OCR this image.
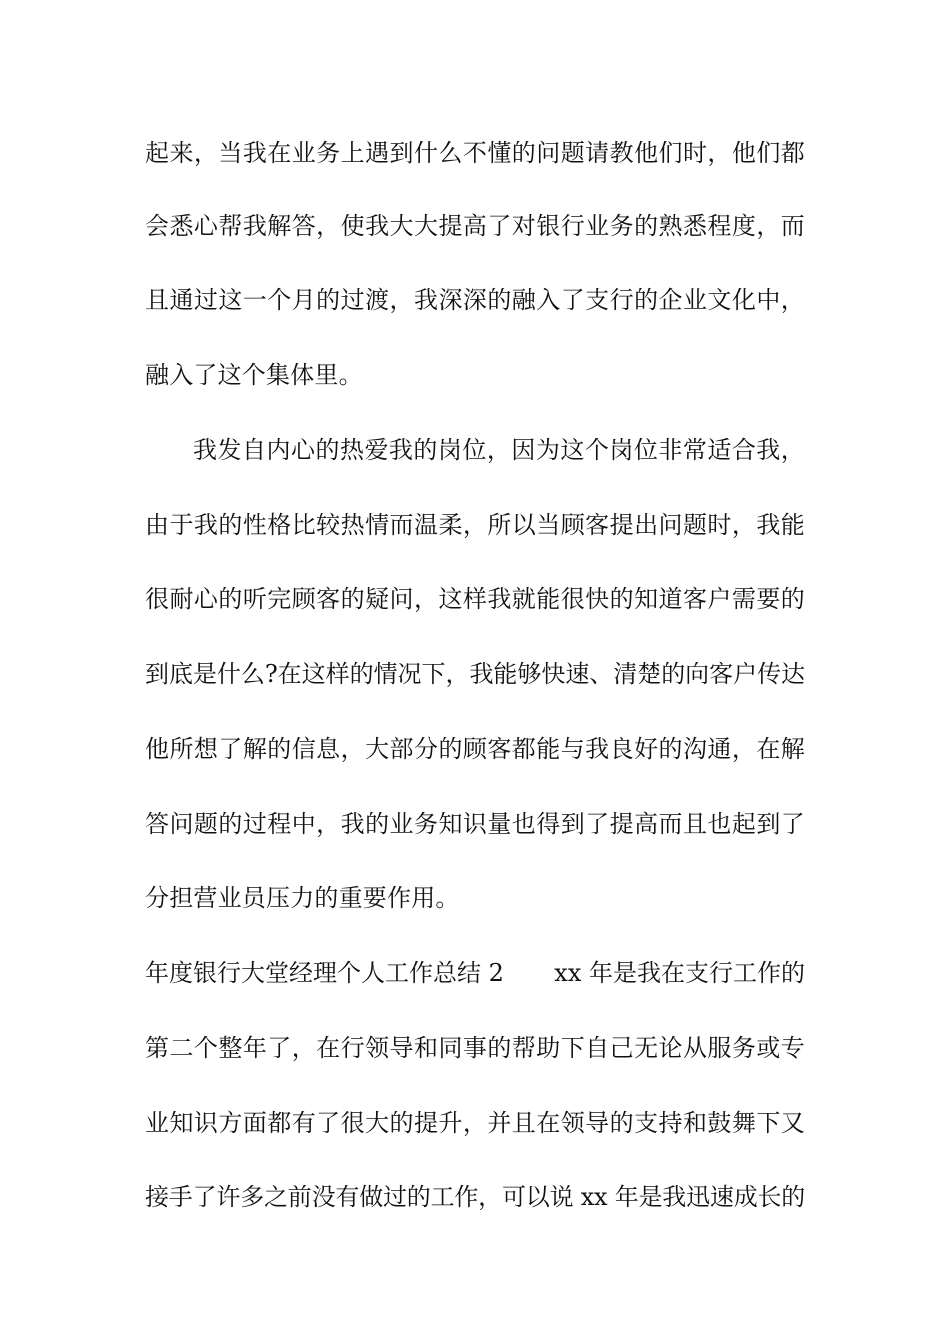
起来，当我在业务上遇到什么不懂的问题请教他们时，他们都
会悉心帮我解答，使我大大提高了对银行业务的熟悉程度，而
且通过这一个月的过渡，我深深的融入了支行的企业文化中，
融入了这个集体里。
我发自内心的热爱我的岗位，因为这个岗位非常适合我，
由于我的性格比较热情而温柔，所以当顾客提出问题时，我能
很耐心的听完顾客的疑问，这样我就能很快的知道客户需要的
到底是什么?在这样的情况下，我能够快速、清楚的向客户传达
他所想了解的信息，大部分的顾客都能与我良好的沟通，在解
答问题的过程中，我的业务知识量也得到了提高而且也起到了
分担营业员压力的重要作用。
年度银行大堂经理个人工作总结 2 xx 年是我在支行工作的
第二个整年了，在行领导和同事的帮助下自己无论从服务或专
业知识方面都有了很大的提升，并且在领导的支持和鼓舞下又
接手了许多之前没有做过的工作，可以说 xx 年是我迅速成长的
